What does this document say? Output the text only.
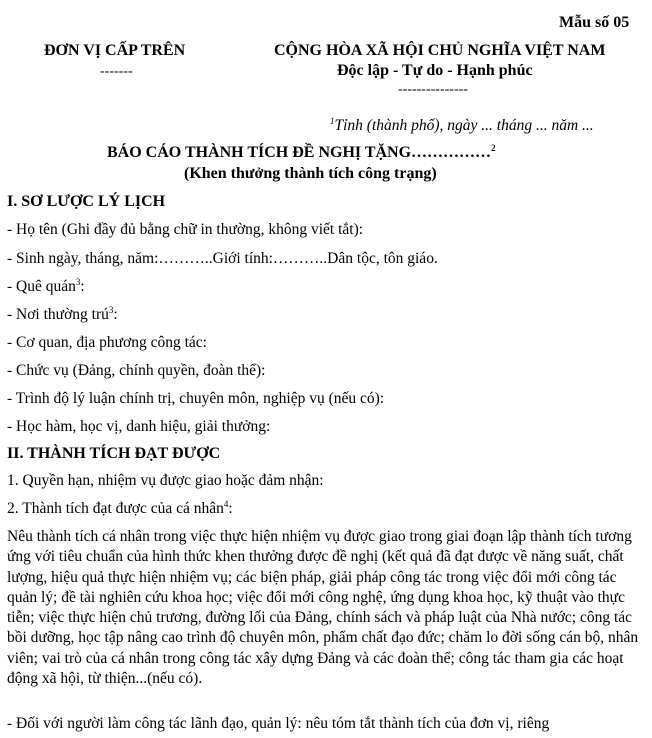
Mẫu số 05
ĐƠN VỊ CẤP TRÊN
-------
CỘNG HÒA XÃ HỘI CHỦ NGHĨA VIỆT NAM
Độc lập - Tự do - Hạnh phúc
---------------
$^1$Tỉnh (thành phố), ngày ... tháng ... năm ...
BÁO CÁO THÀNH TÍCH ĐỀ NGHỊ TẶNG……………$^2$
(Khen thưởng thành tích công trạng)
I. SƠ LƯỢC LÝ LỊCH
- Họ tên (Ghi đầy đủ bằng chữ in thường, không viết tắt):
- Sinh ngày, tháng, năm:………..Giới tính:………..Dân tộc, tôn giáo.
- Quê quán$^3$:
- Nơi thường trú$^3$:
- Cơ quan, địa phương công tác:
- Chức vụ (Đảng, chính quyền, đoàn thể):
- Trình độ lý luận chính trị, chuyên môn, nghiệp vụ (nếu có):
- Học hàm, học vị, danh hiệu, giải thưởng:
II. THÀNH TÍCH ĐẠT ĐƯỢC
1. Quyền hạn, nhiệm vụ được giao hoặc đảm nhận:
2. Thành tích đạt được của cá nhân$^4$:
Nêu thành tích cá nhân trong việc thực hiện nhiệm vụ được giao trong giai đoạn lập thành tích tương ứng với tiêu chuẩn của hình thức khen thưởng được đề nghị (kết quả đã đạt được về năng suất, chất lượng, hiệu quả thực hiện nhiệm vụ; các biện pháp, giải pháp công tác trong việc đổi mới công tác quản lý; đề tài nghiên cứu khoa học; việc đổi mới công nghệ, ứng dụng khoa học, kỹ thuật vào thực tiễn; việc thực hiện chủ trương, đường lối của Đảng, chính sách và pháp luật của Nhà nước; công tác bồi dưỡng, học tập nâng cao trình độ chuyên môn, phẩm chất đạo đức; chăm lo đời sống cán bộ, nhân viên; vai trò của cá nhân trong công tác xây dựng Đảng và các đoàn thể; công tác tham gia các hoạt động xã hội, từ thiện...(nếu có).
- Đối với người làm công tác lãnh đạo, quản lý: nêu tóm tắt thành tích của đơn vị, riêng
